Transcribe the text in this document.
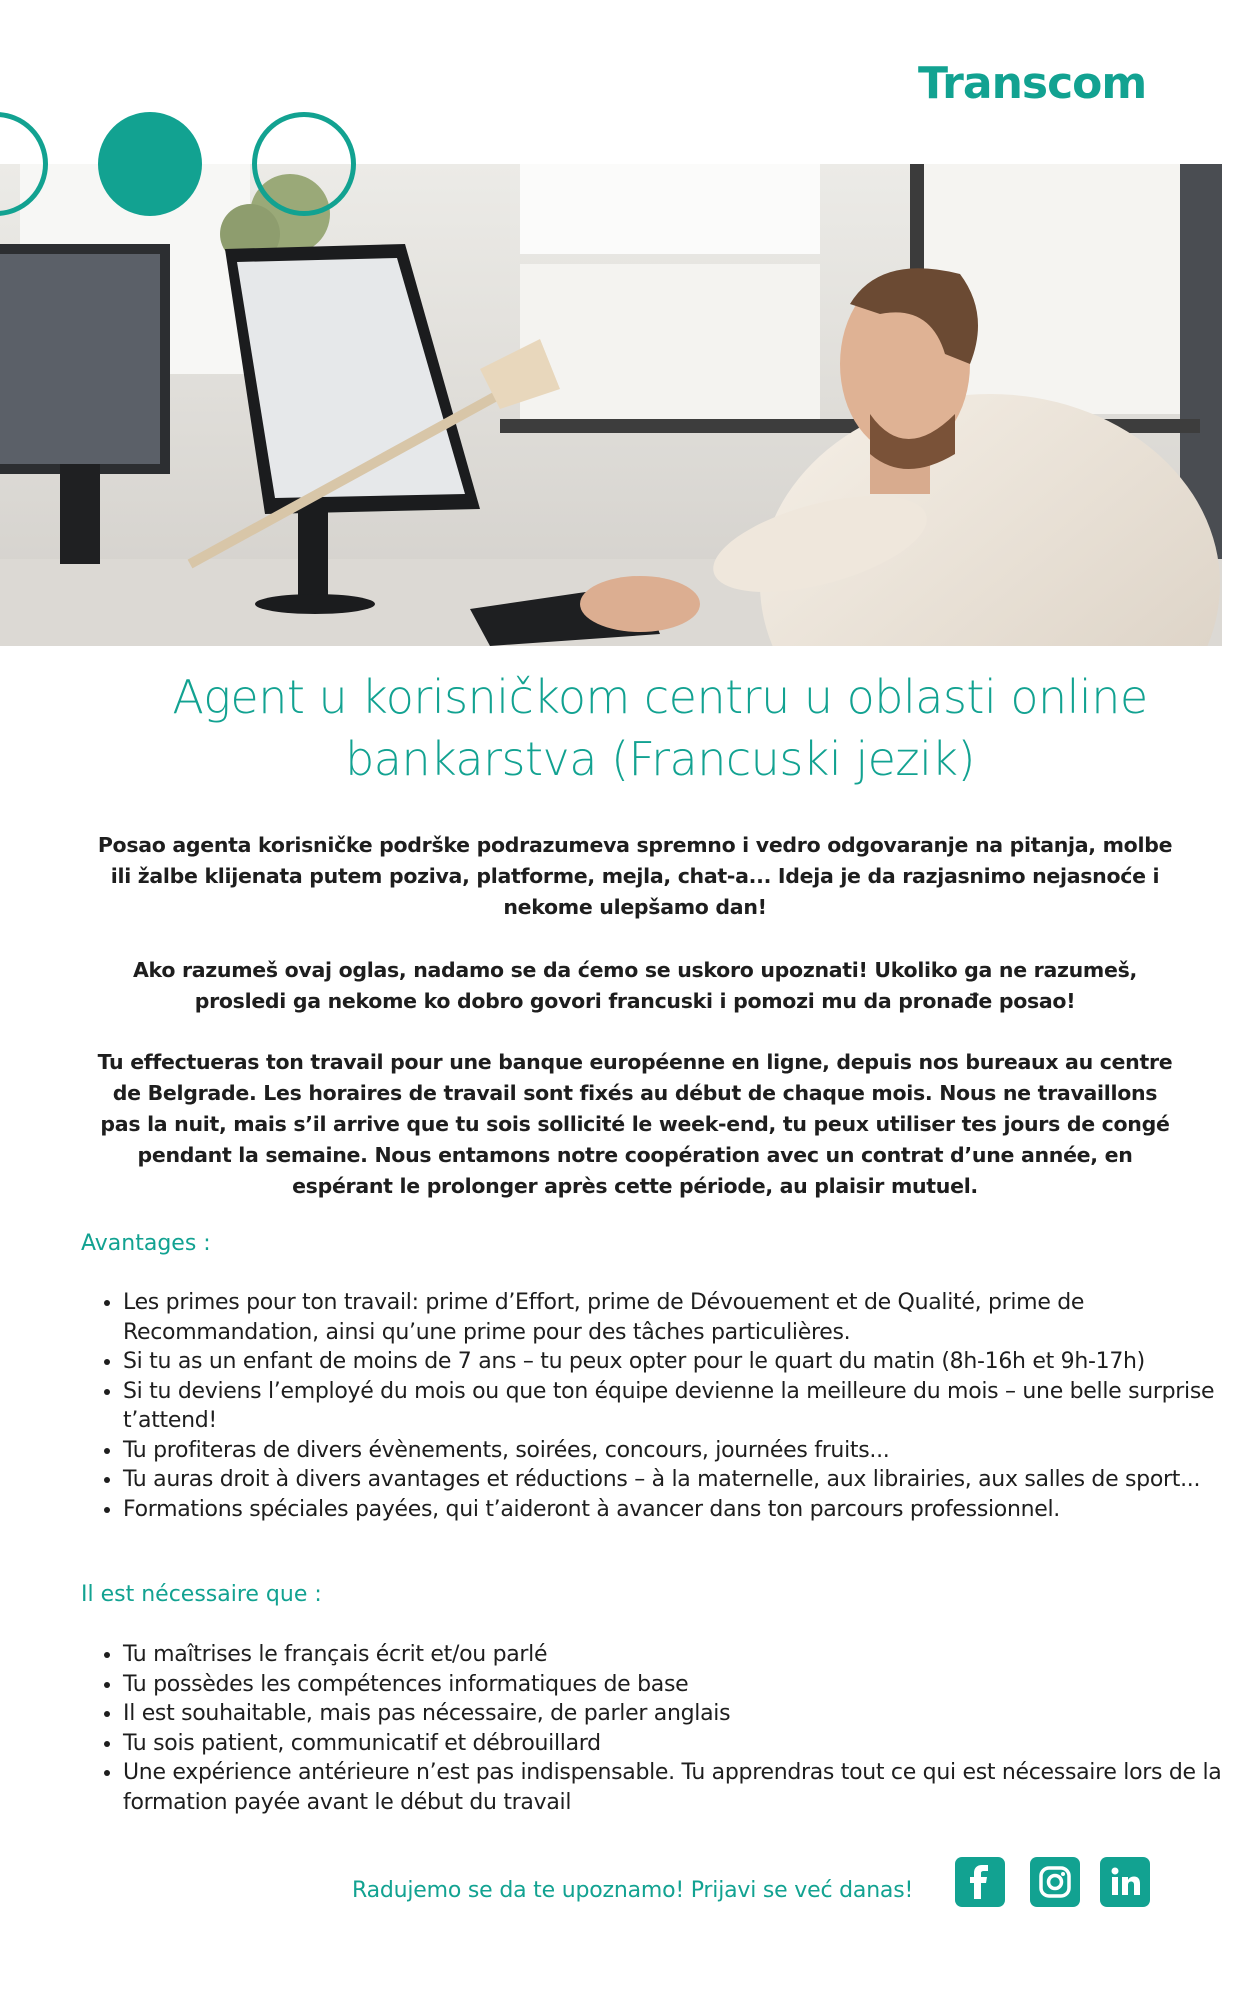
Transcom
Agent u korisničkom centru u oblasti online bankarstva (Francuski jezik)

Posao agenta korisničke podrške podrazumeva spremno i vedro odgovaranje na pitanja, molbe ili žalbe klijenata putem poziva, platforme, mejla, chat-a... Ideja je da razjasnimo nejasnoće i nekome ulepšamo dan!

Ako razumeš ovaj oglas, nadamo se da ćemo se uskoro upoznati! Ukoliko ga ne razumeš, prosledi ga nekome ko dobro govori francuski i pomozi mu da pronađe posao!

Tu effectueras ton travail pour une banque européenne en ligne, depuis nos bureaux au centre de Belgrade. Les horaires de travail sont fixés au début de chaque mois. Nous ne travaillons pas la nuit, mais s’il arrive que tu sois sollicité le week-end, tu peux utiliser tes jours de congé pendant la semaine. Nous entamons notre coopération avec un contrat d’une année, en espérant le prolonger après cette période, au plaisir mutuel.

Avantages :
• Les primes pour ton travail: prime d’Effort, prime de Dévouement et de Qualité, prime de Recommandation, ainsi qu’une prime pour des tâches particulières.
• Si tu as un enfant de moins de 7 ans – tu peux opter pour le quart du matin (8h-16h et 9h-17h)
• Si tu deviens l’employé du mois ou que ton équipe devienne la meilleure du mois – une belle surprise t’attend!
• Tu profiteras de divers évènements, soirées, concours, journées fruits...
• Tu auras droit à divers avantages et réductions – à la maternelle, aux librairies, aux salles de sport...
• Formations spéciales payées, qui t’aideront à avancer dans ton parcours professionnel.
Il est nécessaire que :
• Tu maîtrises le français écrit et/ou parlé
• Tu possèdes les compétences informatiques de base
• Il est souhaitable, mais pas nécessaire, de parler anglais
• Tu sois patient, communicatif et débrouillard
• Une expérience antérieure n’est pas indispensable. Tu apprendras tout ce qui est nécessaire lors de la formation payée avant le début du travail
Radujemo se da te upoznamo! Prijavi se već danas!
